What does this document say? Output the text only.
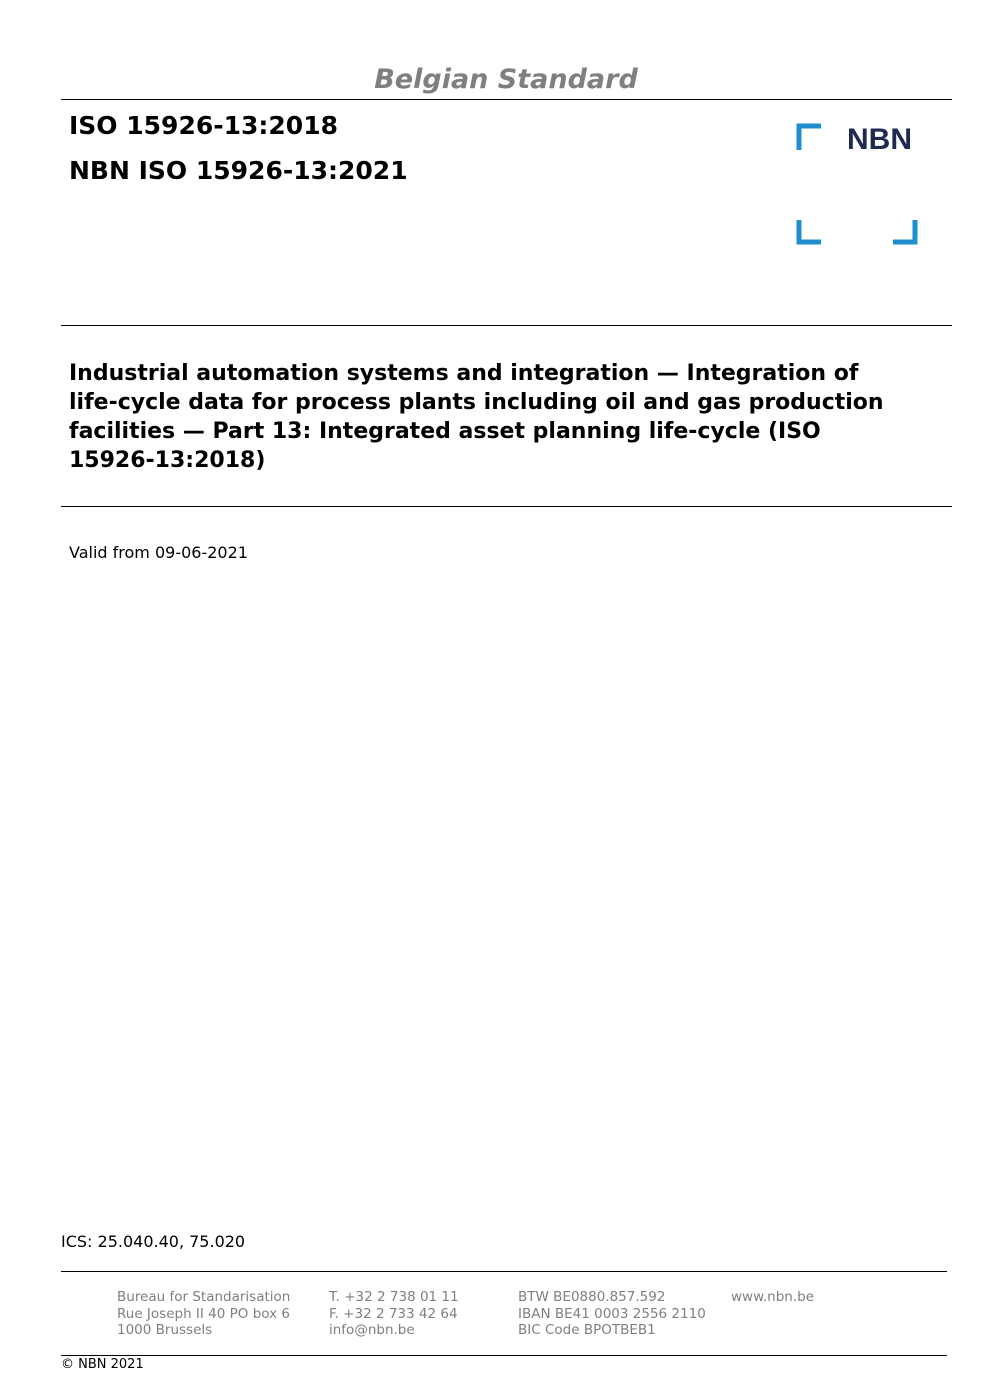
Belgian Standard
ISO 15926-13:2018
NBN ISO 15926-13:2021
NBN
Industrial automation systems and integration — Integration of
life-cycle data for process plants including oil and gas production
facilities — Part 13: Integrated asset planning life-cycle (ISO
15926-13:2018)
Valid from 09-06-2021
ICS: 25.040.40, 75.020
Bureau for Standarisation
Rue Joseph II 40 PO box 6
1000 Brussels
T. +32 2 738 01 11
F. +32 2 733 42 64
info@nbn.be
BTW BE0880.857.592
IBAN BE41 0003 2556 2110
BIC Code BPOTBEB1
www.nbn.be
© NBN 2021
